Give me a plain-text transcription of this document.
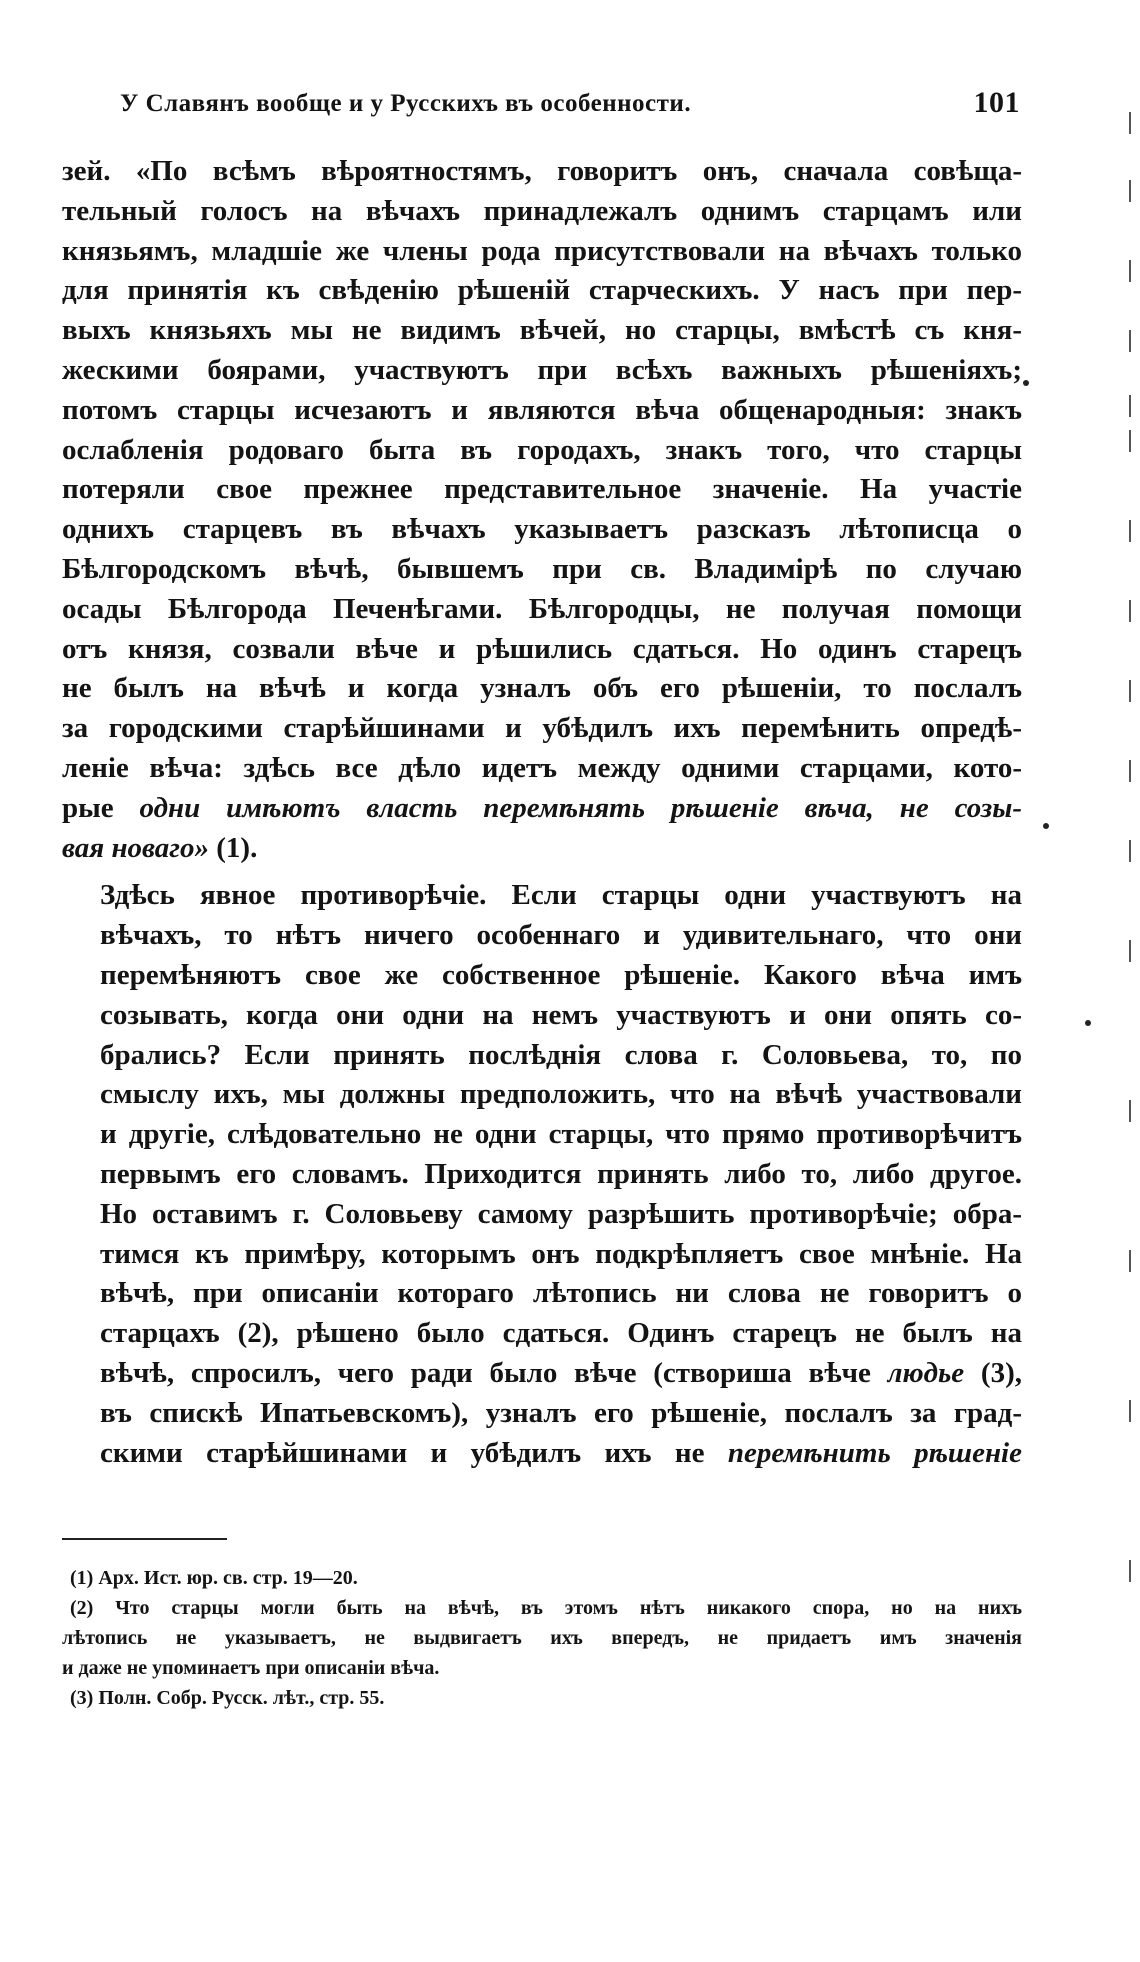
У Славянъ вообще и у Русскихъ въ особенности.	101

зей. «По всѣмъ вѣроятностямъ, говоритъ онъ, сначала совѣща-
тельный голосъ на вѣчахъ принадлежалъ однимъ старцамъ или
князьямъ, младшіе же члены рода присутствовали на вѣчахъ только
для принятія къ свѣденію рѣшеній старческихъ. У насъ при пер-
выхъ князьяхъ мы не видимъ вѣчей, но старцы, вмѣстѣ съ кня-
жескими боярами, участвуютъ при всѣхъ важныхъ рѣшеніяхъ;
потомъ старцы исчезаютъ и являются вѣча общенародныя: знакъ
ослабленія родоваго быта въ городахъ, знакъ того, что старцы
потеряли свое прежнее представительное значеніе. На участіе
однихъ старцевъ въ вѣчахъ указываетъ разсказъ лѣтописца о
Бѣлгородскомъ вѣчѣ, бывшемъ при св. Владимірѣ по случаю
осады Бѣлгорода Печенѣгами. Бѣлгородцы, не получая помощи
отъ князя, созвали вѣче и рѣшились сдаться. Но одинъ старецъ
не былъ на вѣчѣ и когда узналъ объ его рѣшеніи, то послалъ
за городскими старѣйшинами и убѣдилъ ихъ перемѣнить опредѣ-
леніе вѣча: здѣсь все дѣло идетъ между одними старцами, кото-
рые одни имѣютъ власть перемѣнять рѣшеніе вѣча, не созы-
вая новаго» (1).

Здѣсь явное противорѣчіе. Если старцы одни участвуютъ на
вѣчахъ, то нѣтъ ничего особеннаго и удивительнаго, что они
перемѣняютъ свое же собственное рѣшеніе. Какого вѣча имъ
созывать, когда они одни на немъ участвуютъ и они опять со-
брались? Если принять послѣднія слова г. Соловьева, то, по
смыслу ихъ, мы должны предположить, что на вѣчѣ участвовали
и другіе, слѣдовательно не одни старцы, что прямо противорѣчитъ
первымъ его словамъ. Приходится принять либо то, либо другое.
Но оставимъ г. Соловьеву самому разрѣшить противорѣчіе; обра-
тимся къ примѣру, которымъ онъ подкрѣпляетъ свое мнѣніе. На
вѣчѣ, при описаніи котораго лѣтопись ни слова не говоритъ о
старцахъ (2), рѣшено было сдаться. Одинъ старецъ не былъ на
вѣчѣ, спросилъ, чего ради было вѣче (створиша вѣче людье (3),
въ спискѣ Ипатьевскомъ), узналъ его рѣшеніе, послалъ за град-
скими старѣйшинами и убѣдилъ ихъ не перемѣнить рѣшеніе

(1) Арх. Ист. юр. св. стр. 19—20.
(2) Что старцы могли быть на вѣчѣ, въ этомъ нѣтъ никакого спора, но на нихъ
лѣтопись не указываетъ, не выдвигаетъ ихъ впередъ, не придаетъ имъ значенія
и даже не упоминаетъ при описаніи вѣча.
(3) Полн. Собр. Русск. лѣт., стр. 55.
